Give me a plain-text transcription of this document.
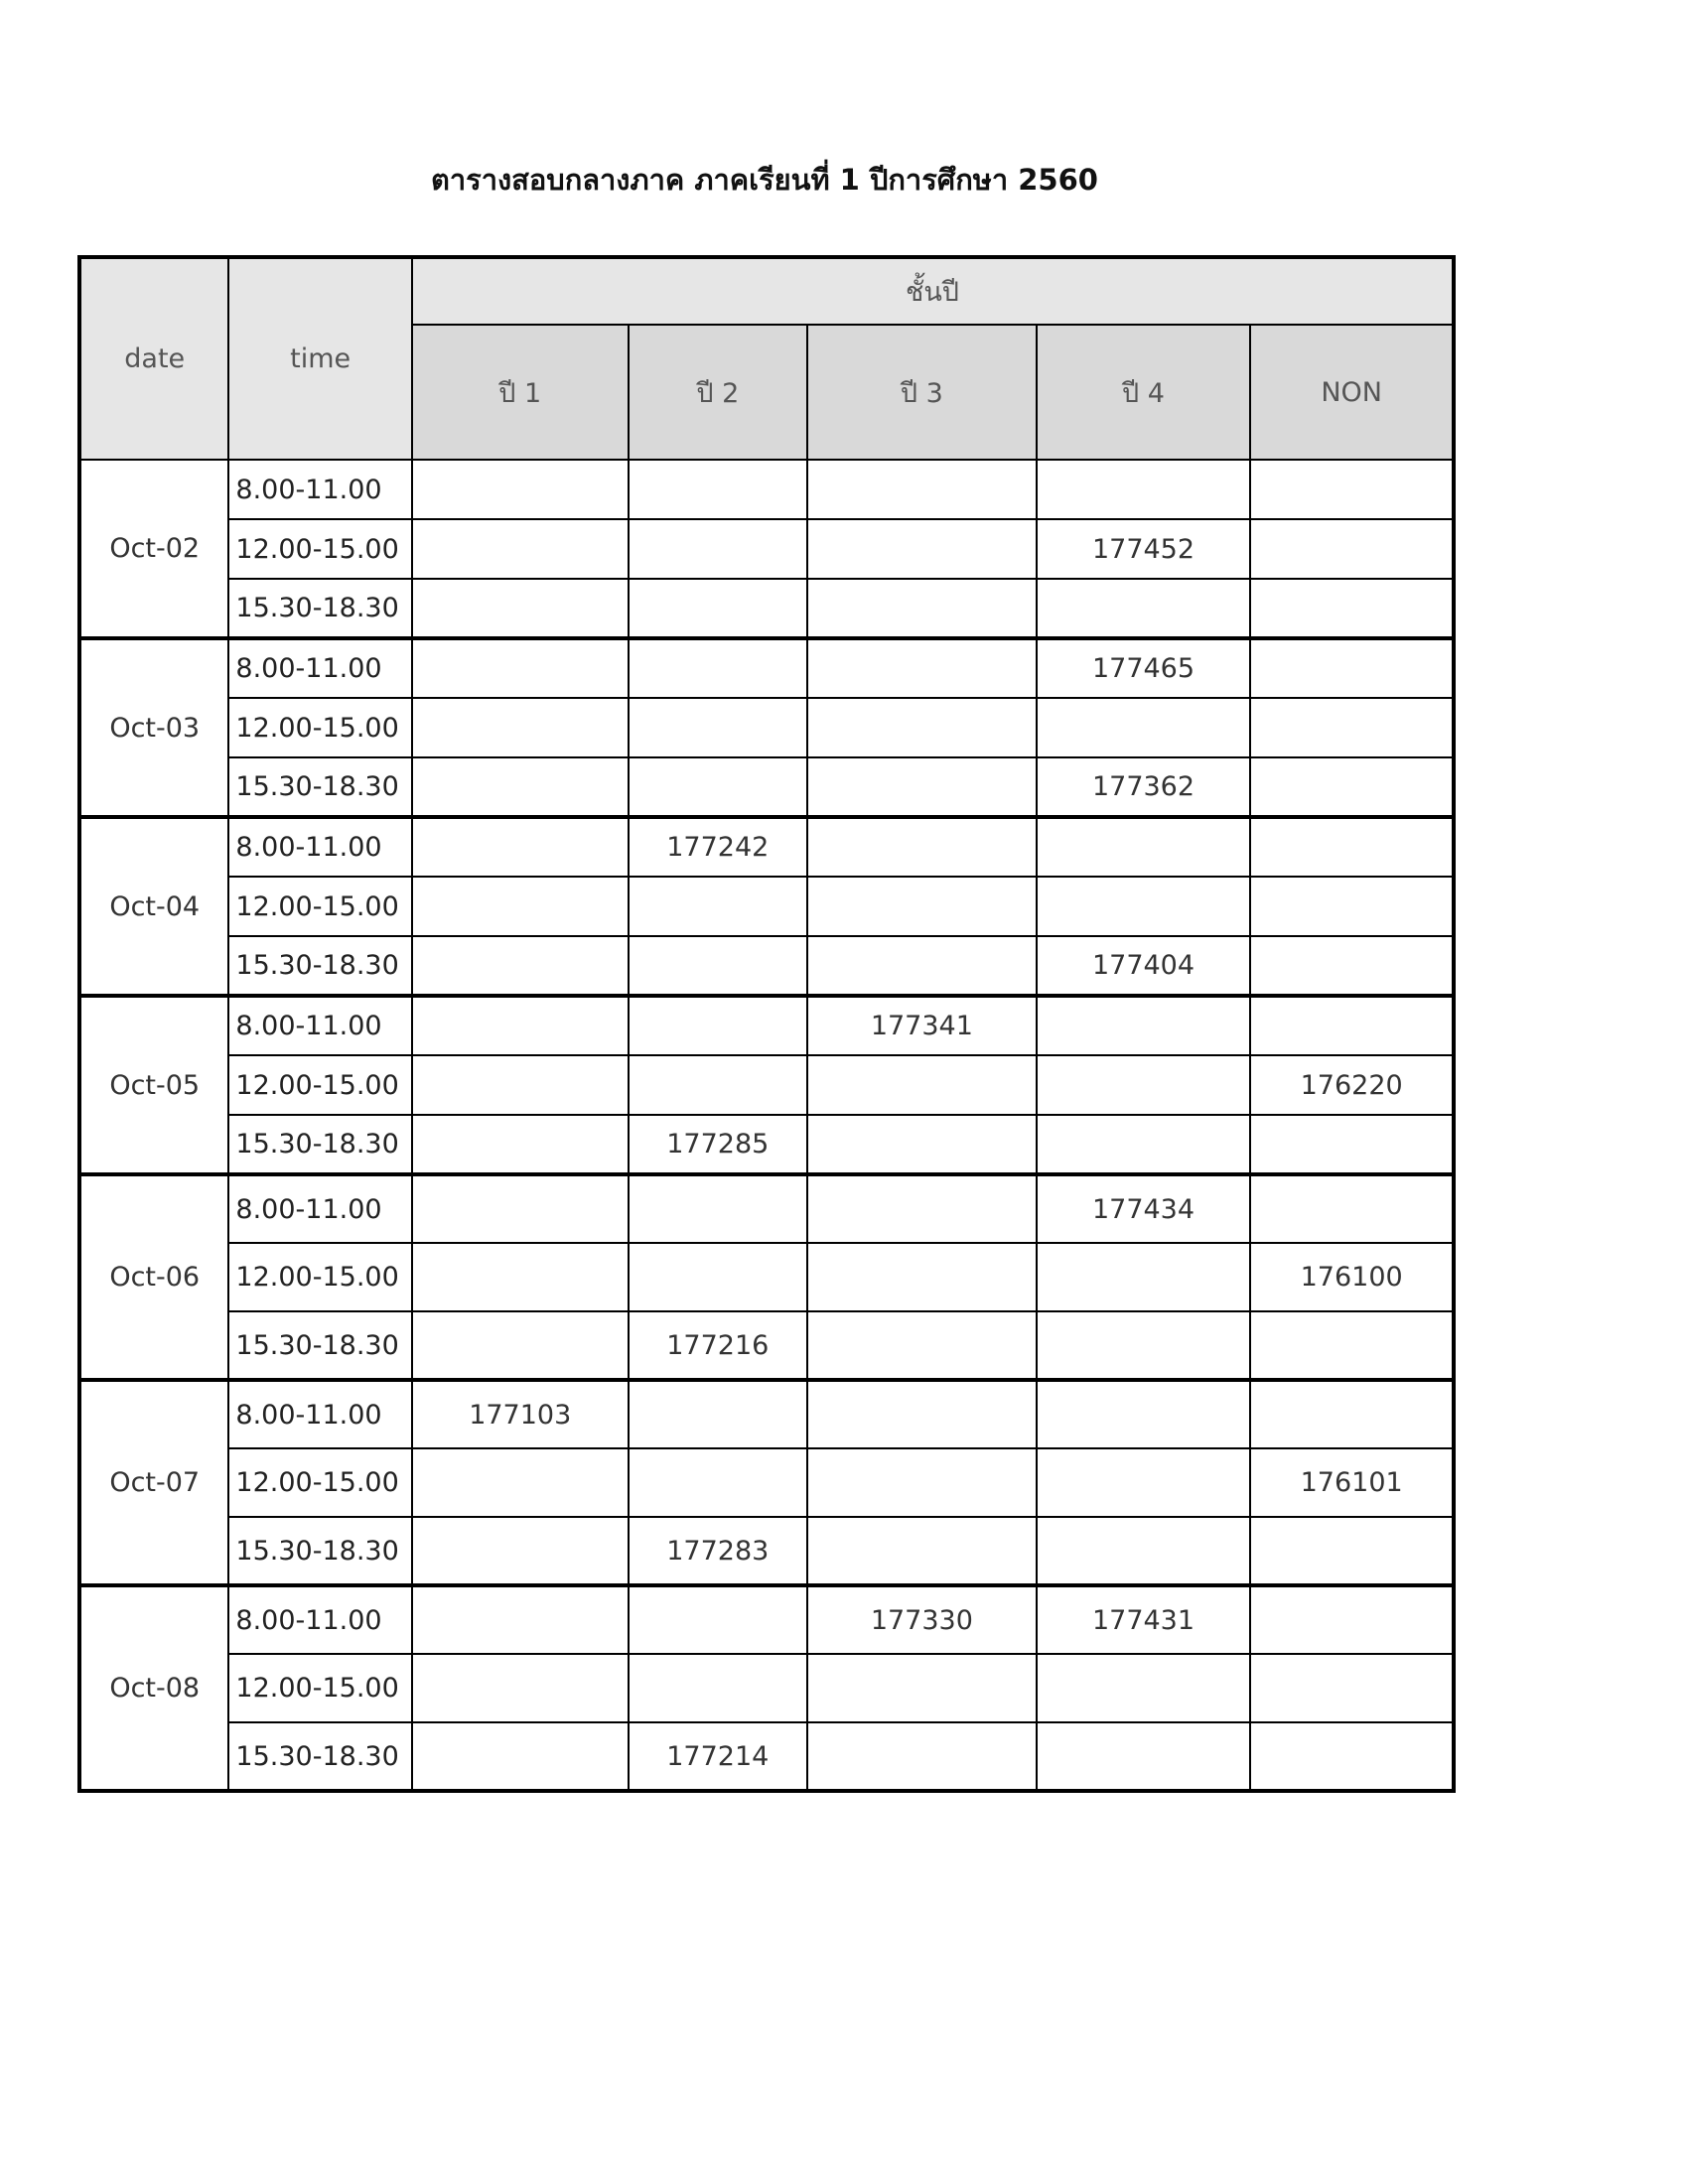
ตารางสอบกลางภาค ภาคเรียนที่ 1 ปีการศึกษา 2560
date	time	ชั้นปี				
		ปี 1	ปี 2	ปี 3	ปี 4	NON
Oct-02	8.00-11.00					
	12.00-15.00				177452	
	15.30-18.30					
Oct-03	8.00-11.00				177465	
	12.00-15.00					
	15.30-18.30				177362	
Oct-04	8.00-11.00		177242			
	12.00-15.00					
	15.30-18.30				177404	
Oct-05	8.00-11.00			177341		
	12.00-15.00					176220
	15.30-18.30		177285			
Oct-06	8.00-11.00				177434	
	12.00-15.00					176100
	15.30-18.30		177216			
Oct-07	8.00-11.00	177103				
	12.00-15.00					176101
	15.30-18.30		177283			
Oct-08	8.00-11.00			177330	177431	
	12.00-15.00					
	15.30-18.30		177214			
